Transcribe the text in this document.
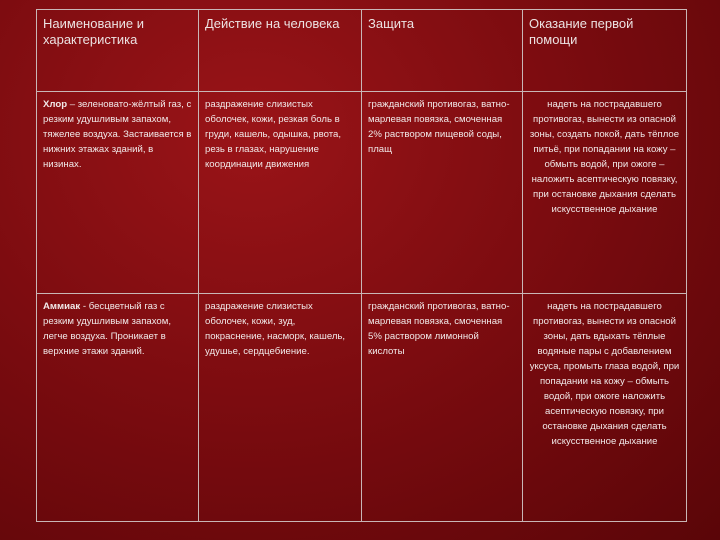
Наименование и характеристика	Действие на человека	Защита	Оказание первой помощи

Хлор – зеленовато-жёлтый газ, с резким удушливым запахом, тяжелее воздуха. Застаивается в нижних этажах зданий, в низинах.	раздражение слизистых оболочек, кожи, резкая боль в груди, кашель, одышка, рвота, резь в глазах, нарушение координации движения	гражданский противогаз, ватно-марлевая повязка, смоченная 2% раствором пищевой соды, плащ	надеть на пострадавшего противогаз, вынести из опасной зоны, создать покой, дать тёплое питьё, при попадании на кожу – обмыть водой, при ожоге – наложить асептическую повязку, при остановке дыхания сделать искусственное дыхание

Аммиак - бесцветный газ с резким удушливым запахом, легче воздуха. Проникает в верхние этажи зданий.	раздражение слизистых оболочек, кожи, зуд, покраснение, насморк, кашель, удушье, сердцебиение.	гражданский противогаз, ватно-марлевая повязка, смоченная 5% раствором лимонной кислоты	надеть на пострадавшего противогаз, вынести из опасной зоны, дать вдыхать тёплые водяные пары с добавлением уксуса, промыть глаза водой, при попадании на кожу – обмыть водой, при ожоге наложить асептическую повязку, при остановке дыхания сделать искусственное дыхание
